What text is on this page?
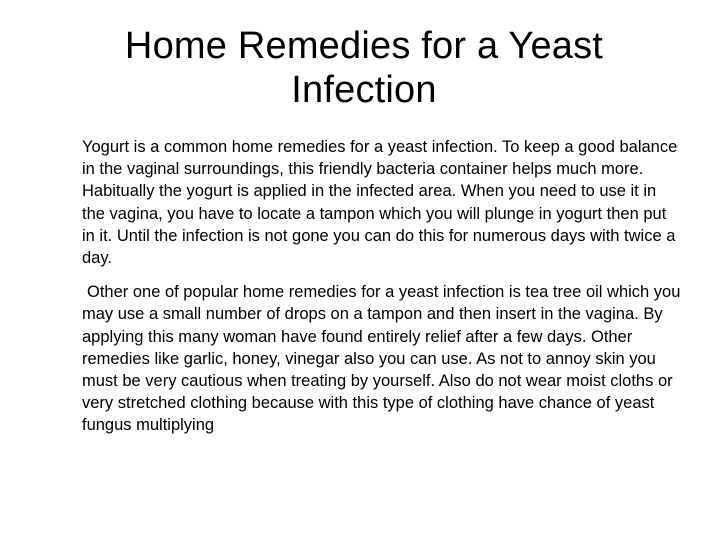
Home Remedies for a Yeast Infection

Yogurt is a common home remedies for a yeast infection. To keep a good balance in the vaginal surroundings, this friendly bacteria container helps much more. Habitually the yogurt is applied in the infected area. When you need to use it in the vagina, you have to locate a tampon which you will plunge in yogurt then put in it. Until the infection is not gone you can do this for numerous days with twice a day.

Other one of popular home remedies for a yeast infection is tea tree oil which you may use a small number of drops on a tampon and then insert in the vagina. By applying this many woman have found entirely relief after a few days. Other remedies like garlic, honey, vinegar also you can use. As not to annoy skin you must be very cautious when treating by yourself. Also do not wear moist cloths or very stretched clothing because with this type of clothing have chance of yeast fungus multiplying
